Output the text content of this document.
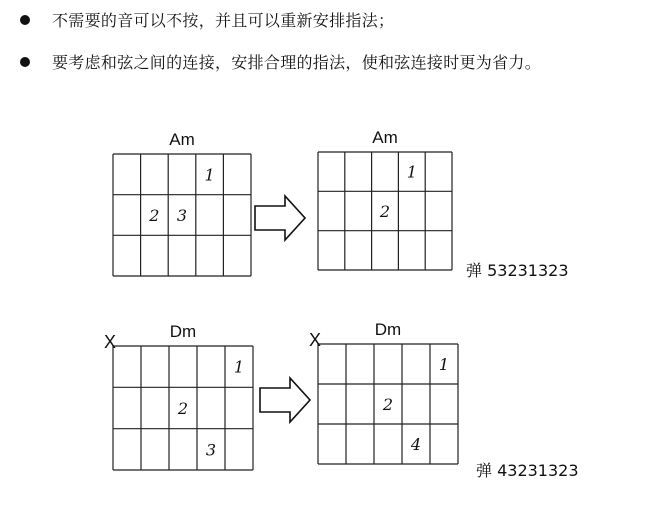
不需要的音可以不按，并且可以重新安排指法；
要考虑和弦之间的连接，安排合理的指法，使和弦连接时更为省力。
Am
1
2 3
Am
1
2
弹 53231323
Dm
X
1
2
3
Dm
X
1
2
4
弹 43231323
